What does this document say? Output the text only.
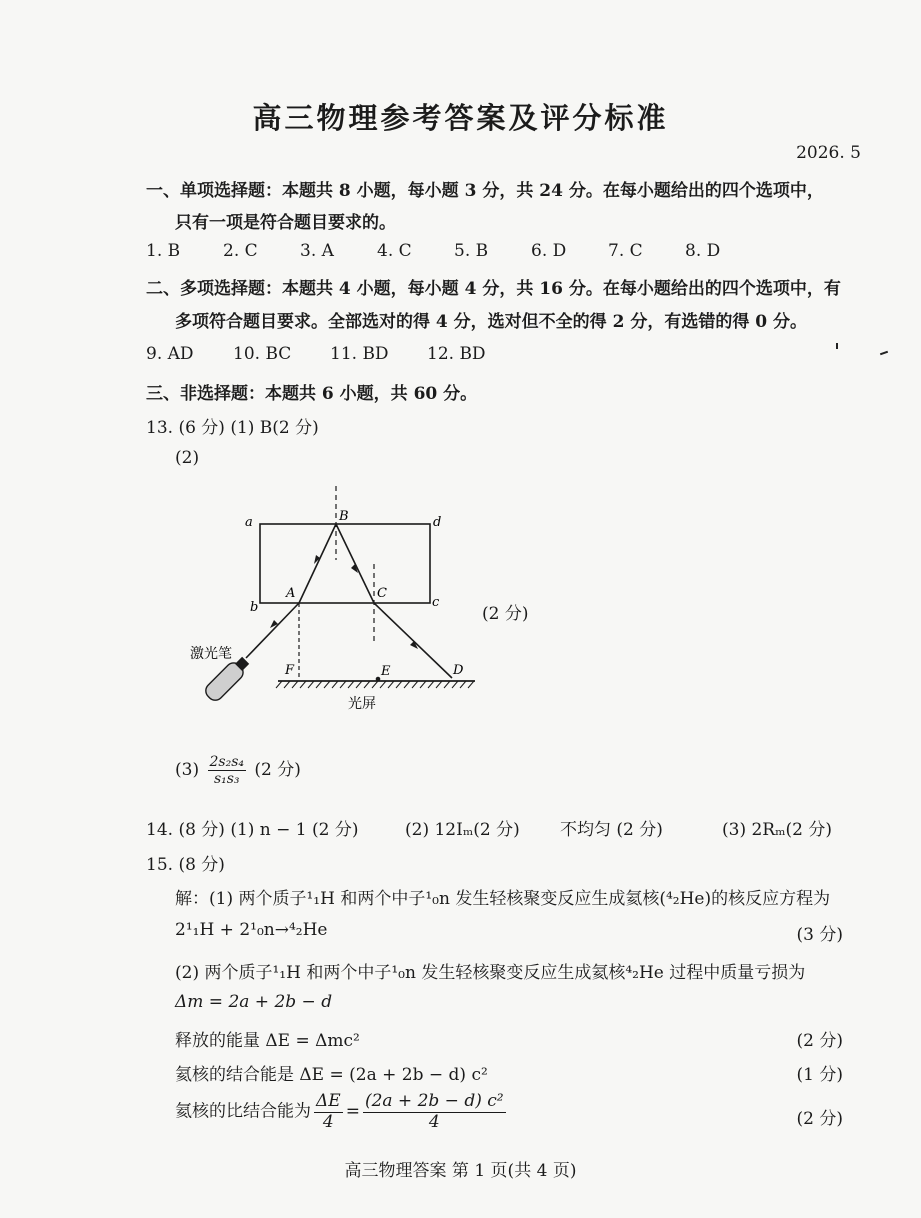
高三物理参考答案及评分标准
2026. 5
一、单项选择题：本题共 8 小题，每小题 3 分，共 24 分。在每小题给出的四个选项中，
只有一项是符合题目要求的。
1. B	2. C 3. A	4. C 5. B	6. D 7. C 8. D
二、多项选择题：本题共 4 小题，每小题 4 分，共 16 分。在每小题给出的四个选项中，有
多项符合题目要求。全部选对的得 4 分，选对但不全的得 2 分，有选错的得 0 分。
9. AD 10. BC 11. BD 12. BD
三、非选择题：本题共 6 小题，共 60 分。
13. (6 分) (1) B(2 分)
(2)
a	d
b	c
B
A	C
D
E
F
激光笔
光屏
(2 分)
$(3) \frac{\text{2s₂s₄}}{\text{s₁s₃}} (2$ 分)
14. (8 分) (1) n − 1 (2 分)	(2) 12Iₘ(2 分) 不均匀 (2 分)	(3) 2Rₘ(2 分)
15. (8 分)
解：(1) 两个质子¹₁H 和两个中子¹₀n 发生轻核聚变反应生成氦核(⁴₂He)的核反应方程为
2¹₁H + 2¹₀n→⁴₂He	(3 分)
(2) 两个质子¹₁H 和两个中子¹₀n 发生轻核聚变反应生成氦核⁴₂He 过程中质量亏损为
Δm = 2a + 2b − d
释放的能量 ΔE = Δmc²	(2 分)
氦核的结合能是 ΔE = (2a + 2b − d) c²	(1 分)
氦核的比结合能为 $\frac{\Delta E}{4} = \frac{\text{(2a + 2b − d) c²}}{4}$	(2 分)
高三物理答案 第 1 页(共 4 页)
